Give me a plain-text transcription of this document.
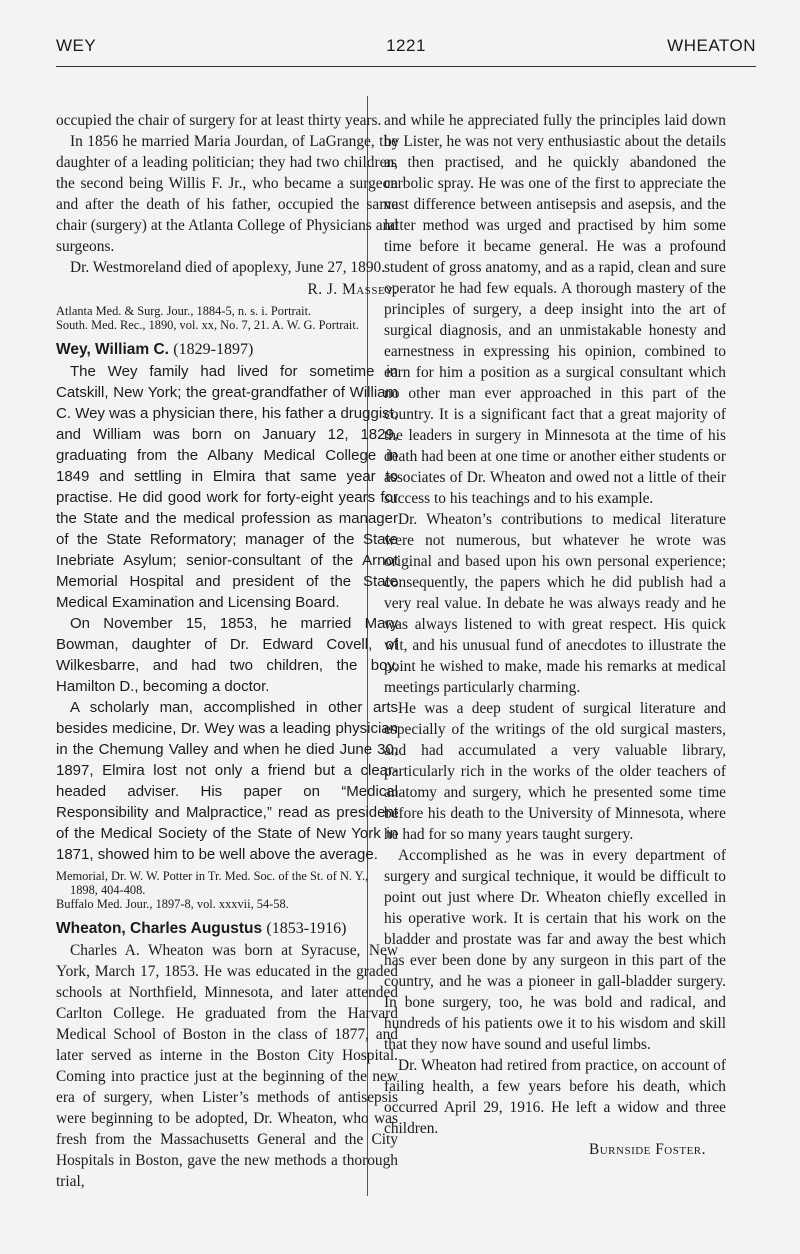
WEY	1221	WHEATON

occupied the chair of surgery for at least thirty years.

In 1856 he married Maria Jourdan, of LaGrange, the daughter of a leading politician; they had two children, the second being Willis F. Jr., who became a surgeon and after the death of his father, occupied the same chair (surgery) at the Atlanta College of Physicians and surgeons.

Dr. Westmoreland died of apoplexy, June 27, 1890.

R. J. Massey.
Atlanta Med. & Surg. Jour., 1884-5, n. s. i. Portrait.
South. Med. Rec., 1890, vol. xx, No. 7, 21. A. W. G. Portrait.
Wey, William C. (1829-1897)

The Wey family had lived for sometime in Catskill, New York; the great-grandfather of William C. Wey was a physician there, his father a druggist, and William was born on January 12, 1829, graduating from the Albany Medical College in 1849 and settling in Elmira that same year to practise. He did good work for forty-eight years for the State and the medical profession as manager of the State Reformatory; manager of the State Inebriate Asylum; senior-consultant of the Arnot Memorial Hospital and president of the State Medical Examination and Licensing Board.

On November 15, 1853, he married Mary Bowman, daughter of Dr. Edward Covell, of Wilkesbarre, and had two children, the boy, Hamilton D., becoming a doctor.

A scholarly man, accomplished in other arts besides medicine, Dr. Wey was a leading physician in the Chemung Valley and when he died June 30, 1897, Elmira lost not only a friend but a clear-headed adviser. His paper on “Medical Responsibility and Malpractice,” read as president of the Medical Society of the State of New York in 1871, showed him to be well above the average.

Memorial, Dr. W. W. Potter in Tr. Med. Soc. of the St. of N. Y., 1898, 404-408.
Buffalo Med. Jour., 1897-8, vol. xxxvii, 54-58.
Wheaton, Charles Augustus (1853-1916)

Charles A. Wheaton was born at Syracuse, New York, March 17, 1853. He was educated in the graded schools at Northfield, Minnesota, and later attended Carlton College. He graduated from the Harvard Medical School of Boston in the class of 1877, and later served as interne in the Boston City Hospital. Coming into practice just at the beginning of the new era of surgery, when Lister’s methods of antisepsis were beginning to be adopted, Dr. Wheaton, who was fresh from the Massachusetts General and the City Hospitals in Boston, gave the new methods a thorough trial,

and while he appreciated fully the principles laid down by Lister, he was not very enthusiastic about the details as then practised, and he quickly abandoned the carbolic spray. He was one of the first to appreciate the vast difference between antisepsis and asepsis, and the latter method was urged and practised by him some time before it became general. He was a profound student of gross anatomy, and as a rapid, clean and sure operator he had few equals. A thorough mastery of the principles of surgery, a deep insight into the art of surgical diagnosis, and an unmistakable honesty and earnestness in expressing his opinion, combined to earn for him a position as a surgical consultant which no other man ever approached in this part of the country. It is a significant fact that a great majority of the leaders in surgery in Minnesota at the time of his death had been at one time or another either students or associates of Dr. Wheaton and owed not a little of their success to his teachings and to his example.

Dr. Wheaton’s contributions to medical literature were not numerous, but whatever he wrote was original and based upon his own personal experience; consequently, the papers which he did publish had a very real value. In debate he was always ready and he was always listened to with great respect. His quick wit, and his unusual fund of anecdotes to illustrate the point he wished to make, made his remarks at medical meetings particularly charming.

He was a deep student of surgical literature and especially of the writings of the old surgical masters, and had accumulated a very valuable library, particularly rich in the works of the older teachers of anatomy and surgery, which he presented some time before his death to the University of Minnesota, where he had for so many years taught surgery.

Accomplished as he was in every department of surgery and surgical technique, it would be difficult to point out just where Dr. Wheaton chiefly excelled in his operative work. It is certain that his work on the bladder and prostate was far and away the best which has ever been done by any surgeon in this part of the country, and he was a pioneer in gall-bladder surgery. In bone surgery, too, he was bold and radical, and hundreds of his patients owe it to his wisdom and skill that they now have sound and useful limbs.

Dr. Wheaton had retired from practice, on account of failing health, a few years before his death, which occurred April 29, 1916. He left a widow and three children.

Burnside Foster.
